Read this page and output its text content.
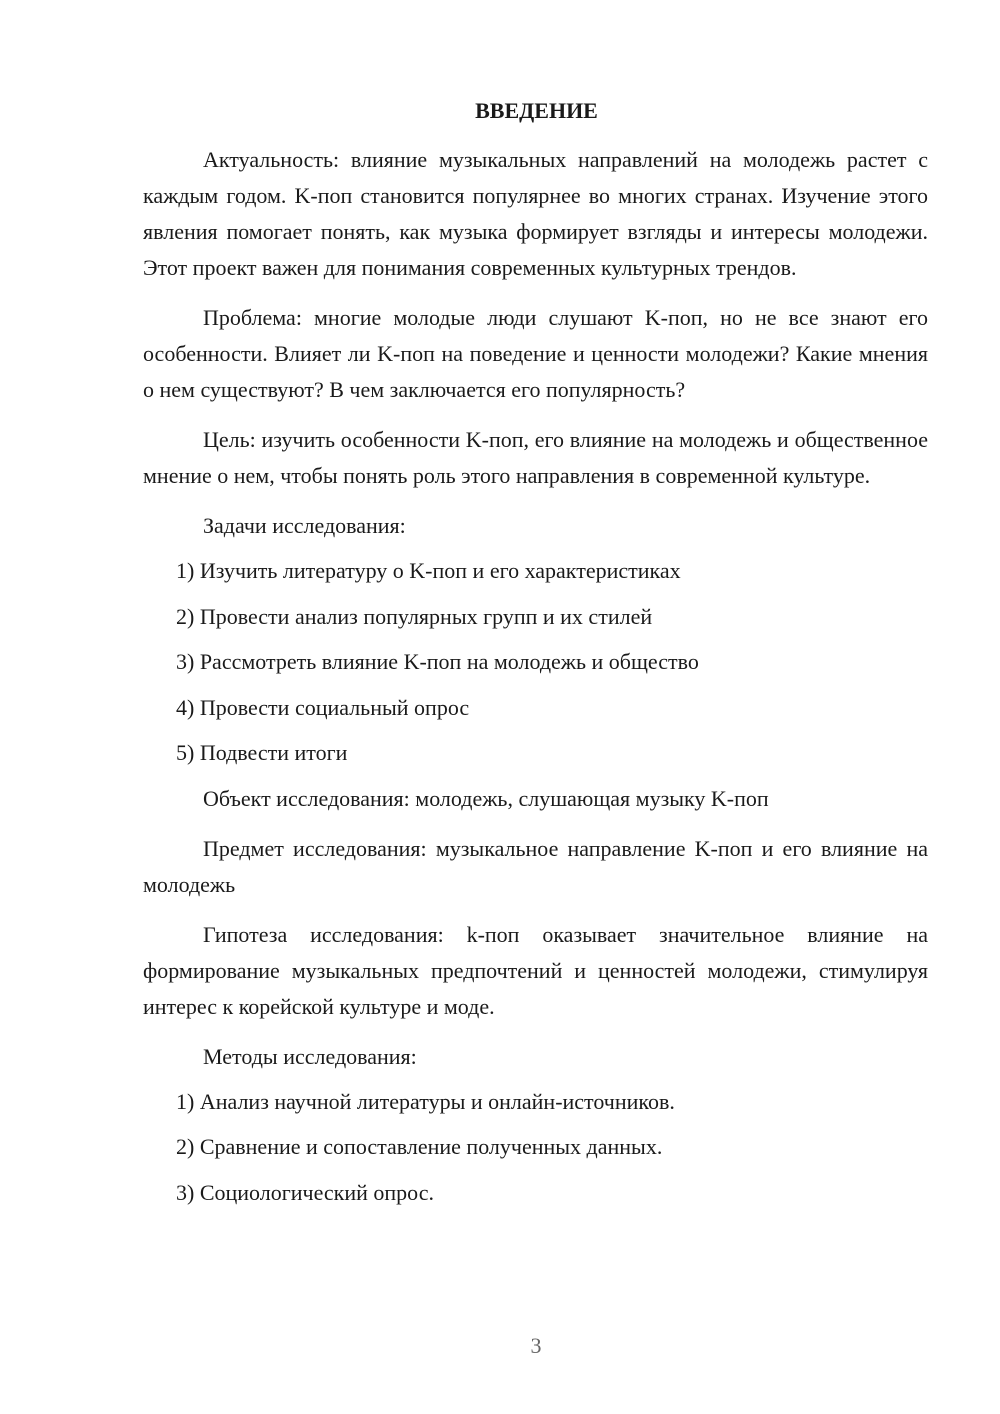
ВВЕДЕНИЕ

Актуальность: влияние музыкальных направлений на молодежь растет с каждым годом. K-поп становится популярнее во многих странах. Изучение этого явления помогает понять, как музыка формирует взгляды и интересы молодежи. Этот проект важен для понимания современных культурных трендов.

Проблема: многие молодые люди слушают K-поп, но не все знают его особенности. Влияет ли K-поп на поведение и ценности молодежи? Какие мнения о нем существуют? В чем заключается его популярность?

Цель: изучить особенности K-поп, его влияние на молодежь и общественное мнение о нем, чтобы понять роль этого направления в современной культуре.

Задачи исследования:
1) Изучить литературу о K-поп и его характеристиках
2) Провести анализ популярных групп и их стилей
3) Рассмотреть влияние K-поп на молодежь и общество
4) Провести социальный опрос
5) Подвести итоги

Объект исследования: молодежь, слушающая музыку K-поп

Предмет исследования: музыкальное направление K-поп и его влияние на молодежь

Гипотеза исследования: k-поп оказывает значительное влияние на формирование музыкальных предпочтений и ценностей молодежи, стимулируя интерес к корейской культуре и моде.

Методы исследования:
1) Анализ научной литературы и онлайн-источников.
2) Сравнение и сопоставление полученных данных.
3) Социологический опрос.
3
